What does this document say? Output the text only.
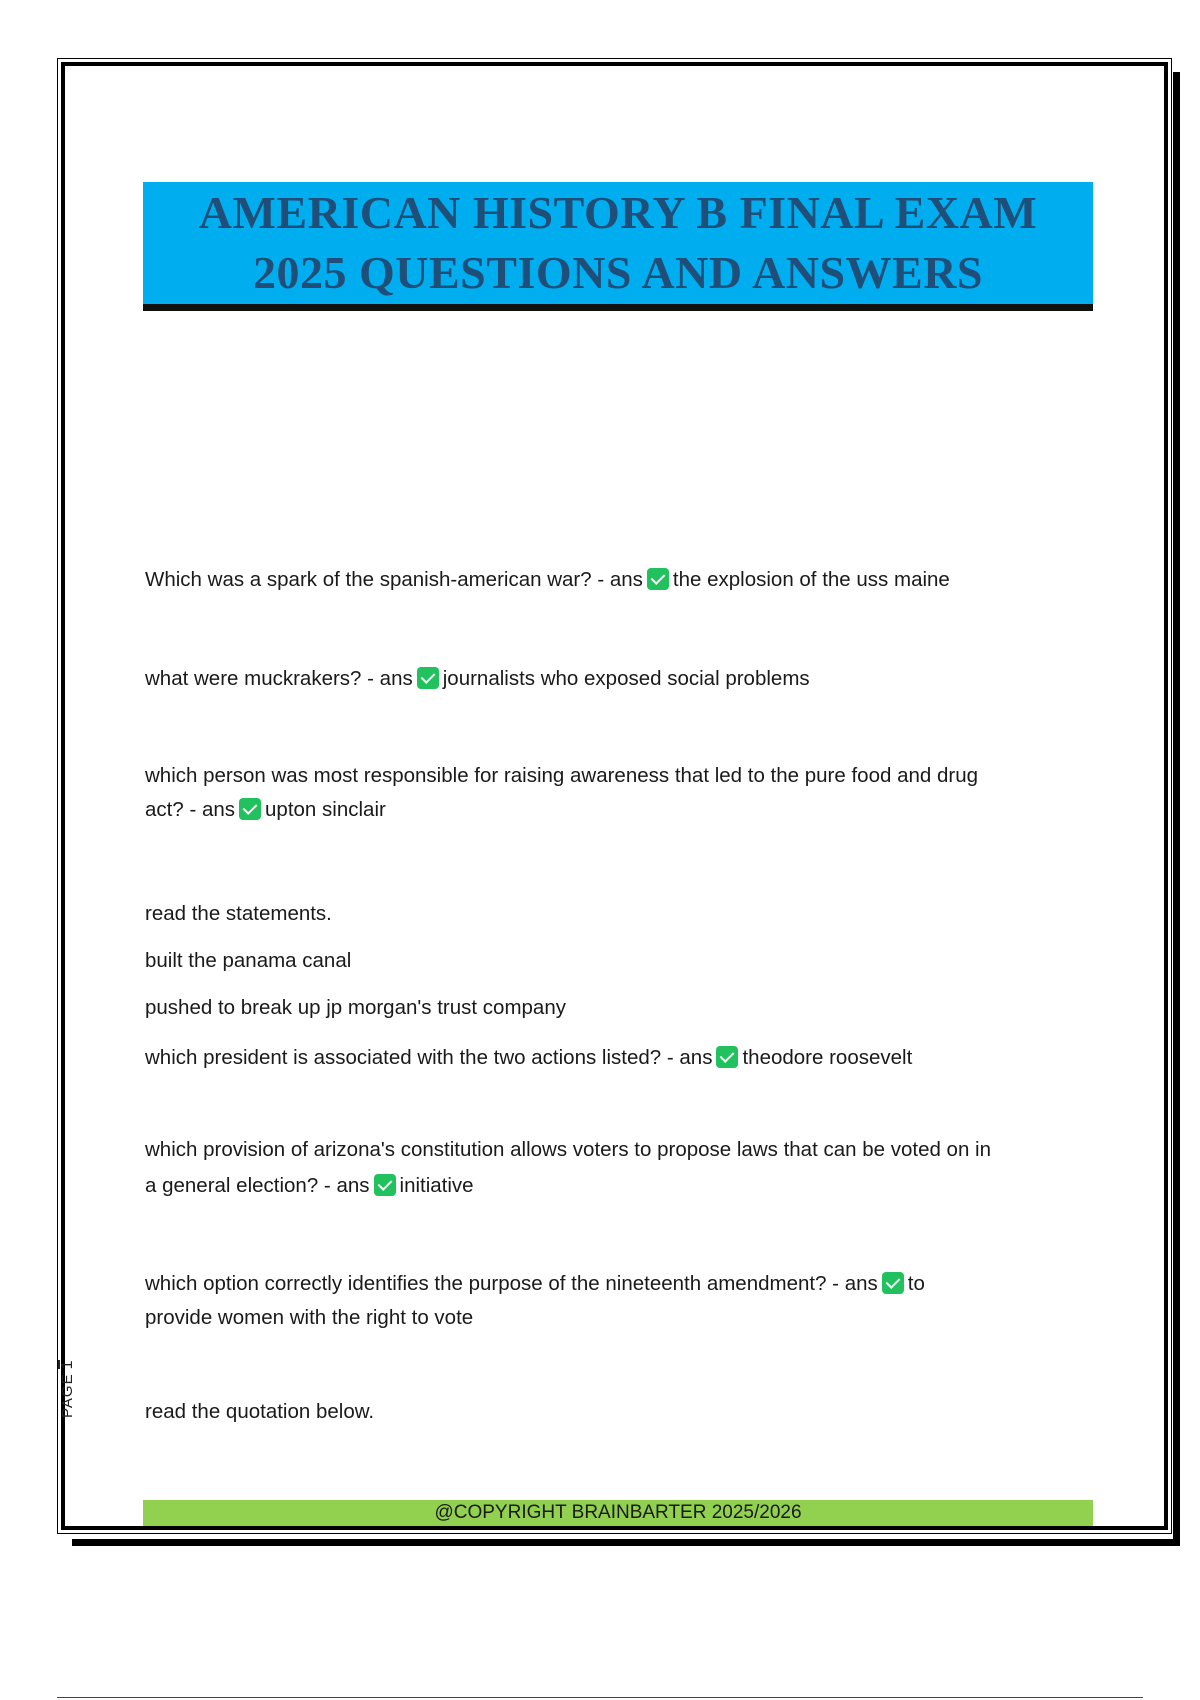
AMERICAN HISTORY B FINAL EXAM
2025 QUESTIONS AND ANSWERS
Which was a spark of the spanish-american war? - ans the explosion of the uss maine
what were muckrakers? - ans journalists who exposed social problems
which person was most responsible for raising awareness that led to the pure food and drug
act? - ans upton sinclair
read the statements.
built the panama canal
pushed to break up jp morgan's trust company
which president is associated with the two actions listed? - ans theodore roosevelt
which provision of arizona's constitution allows voters to propose laws that can be voted on in
a general election? - ans initiative
which option correctly identifies the purpose of the nineteenth amendment? - ans to
provide women with the right to vote
read the quotation below.
PAGE
1
@COPYRIGHT BRAINBARTER 2025/2026
